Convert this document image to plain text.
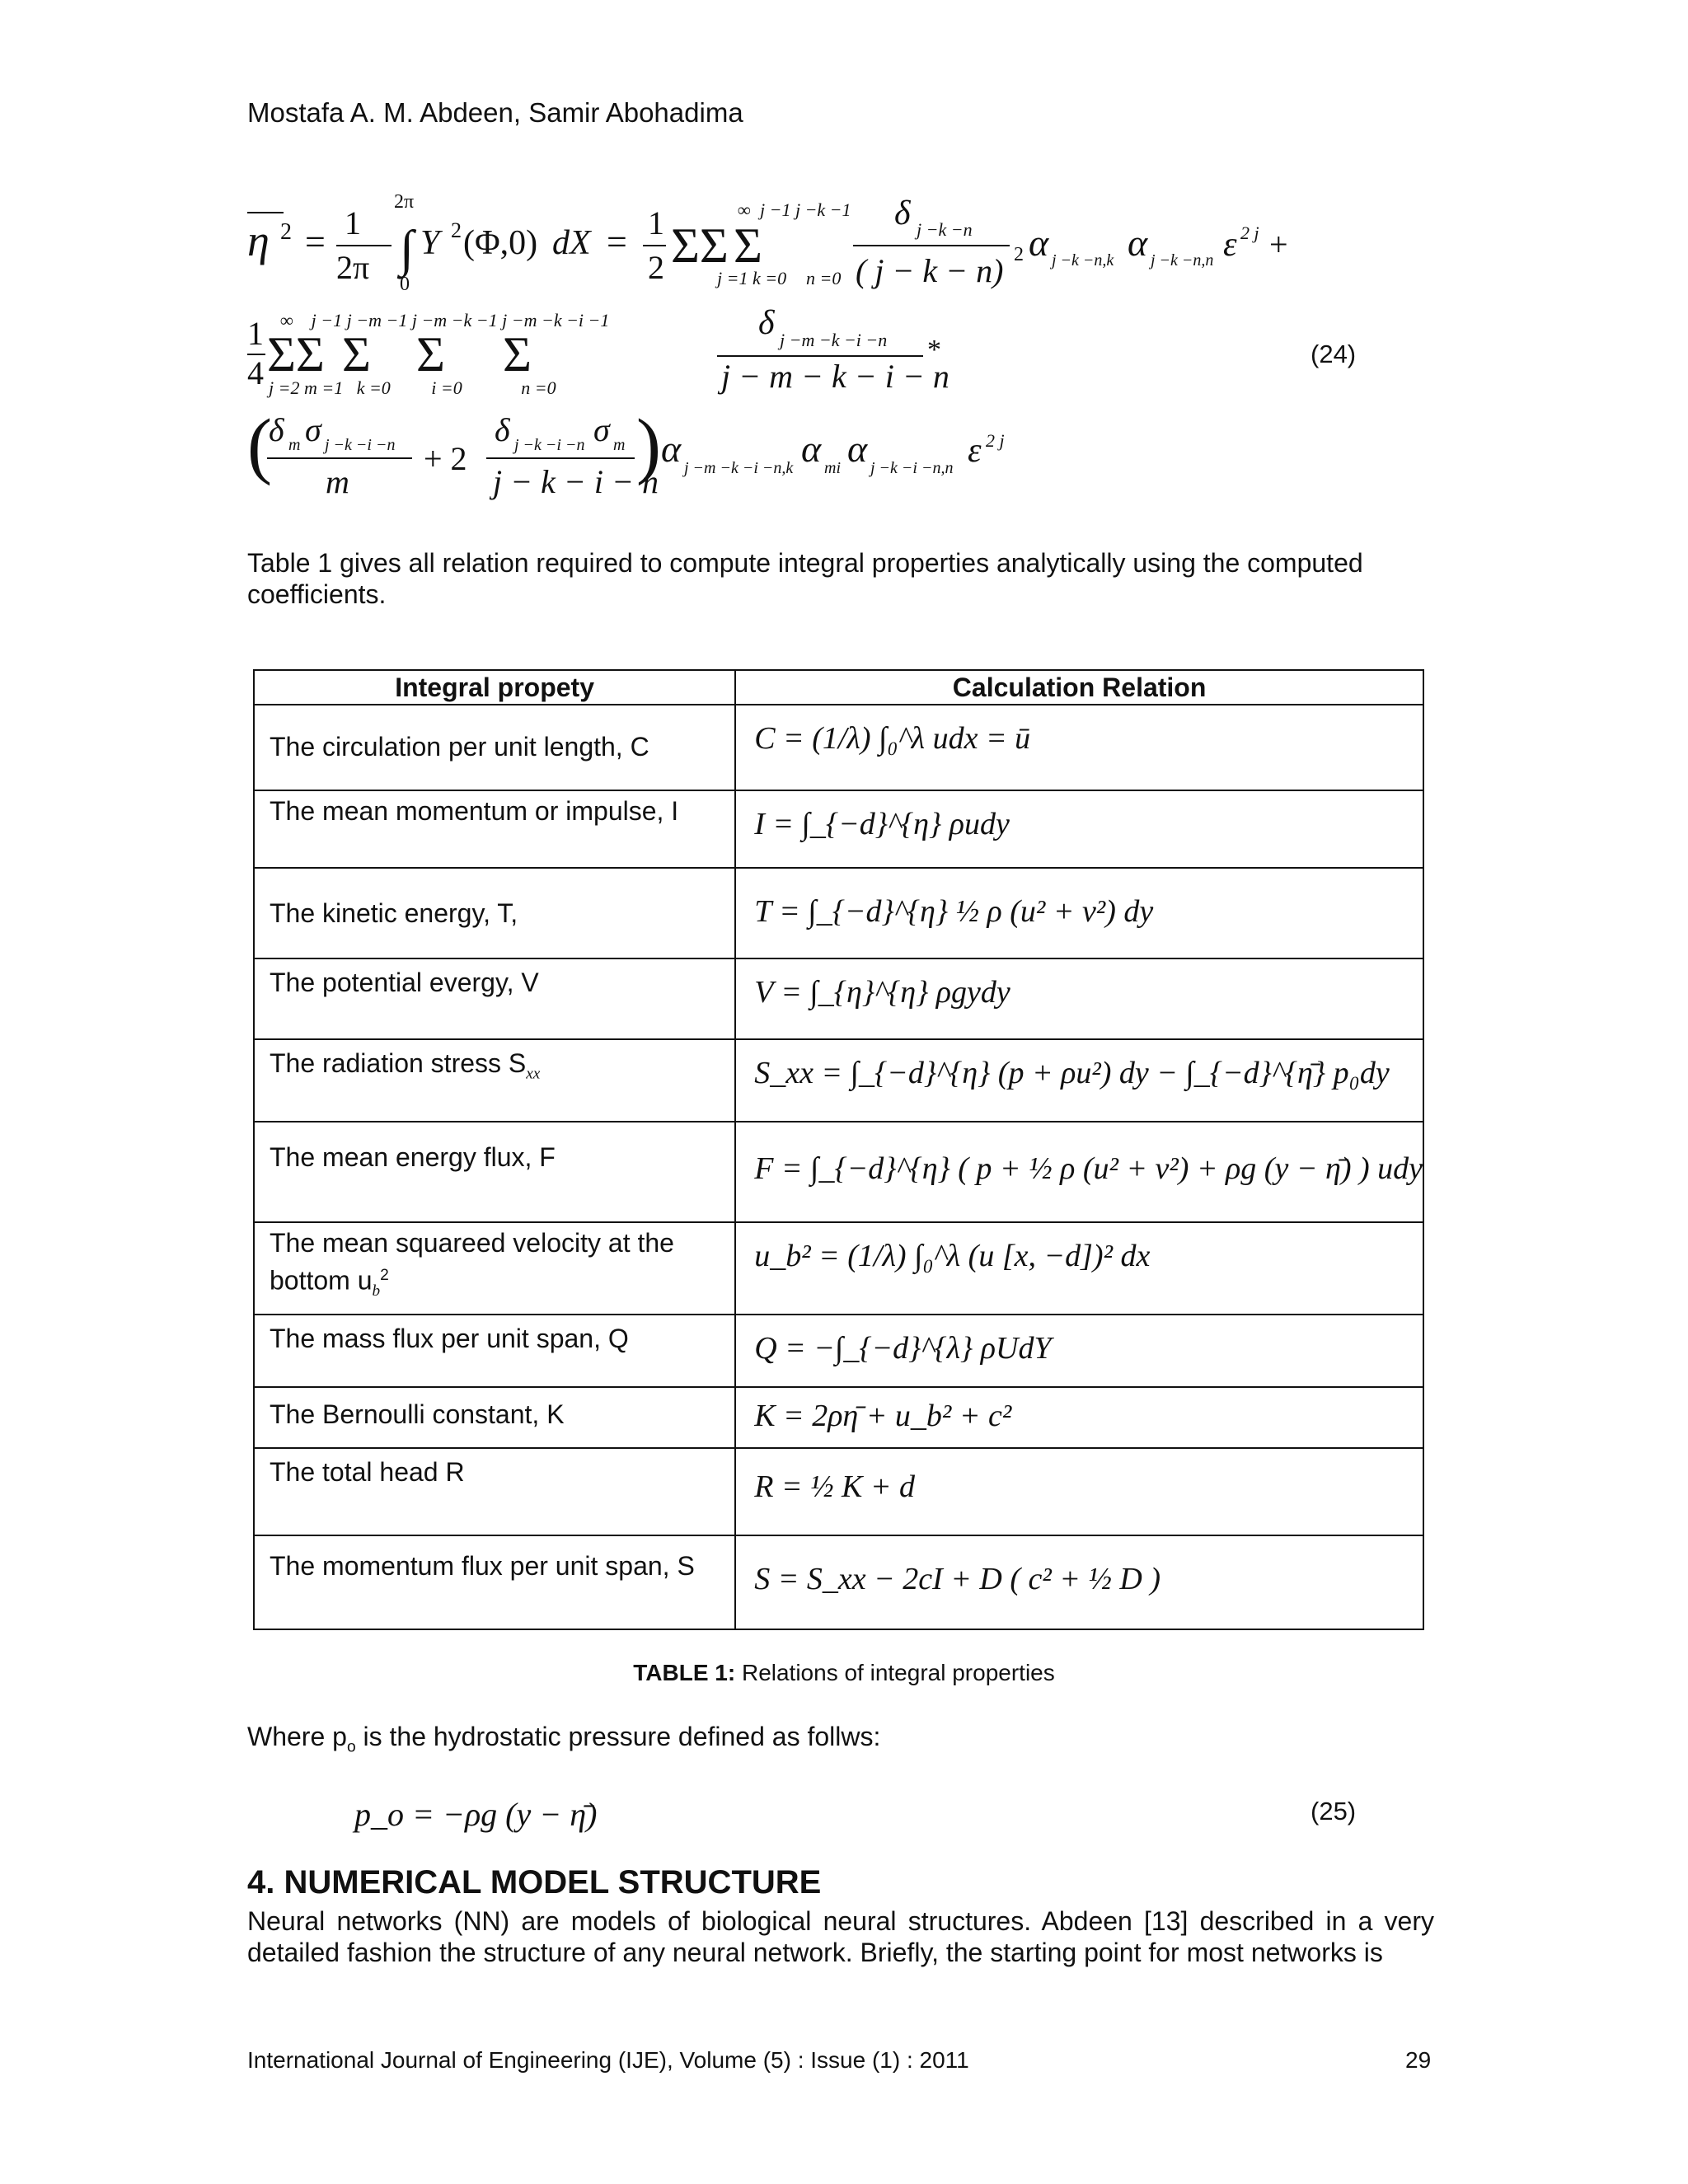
Mostafa A. M. Abdeen, Samir Abohadima
η 2 = 1
2π
2π
∫
0
Y 2 (Φ,0) dX = 1
2 ΣΣ Σ
∞ j −1 j −k −1
j =1 k =0 n =0
δ j −k −n
( j − k − n) 2 α j −k −n,k α j −k −n,n ε 2 j +
1
4 ΣΣ Σ Σ Σ
∞    j −1 j −m −1 j −m −k −1 j −m −k −i −1
j =2 m =1   k =0         i =0             n =0
δ j −m −k −i −n
j − m − k − i − n
*
(
δ m σ j −k −i −n
m
+ 2
δ j −k −i −n σ m
j − k − i − n
) α j −m −k −i −n,k α mi α j −k −i −n,n ε 2 j
(24)
Table 1 gives all relation required to compute integral properties analytically using the computed coefficients.
Integral propety	Calculation Relation
The circulation per unit length, C	C = (1/λ) ∫₀^λ udx = ū
The mean momentum or impulse, I	I = ∫_{−d}^{η} ρudy
The kinetic energy, T,	T = ∫_{−d}^{η} ½ ρ (u² + v²) dy
The potential evergy, V	V = ∫_{η}^{η} ρgydy
The radiation stress $S_{xx}$	S_xx = ∫_{−d}^{η} (p + ρu²) dy − ∫_{−d}^{η̄} p₀dy
The mean energy flux, F	F = ∫_{−d}^{η} ( p + ½ ρ (u² + v²) + ρg (y − η̄) ) udy
The mean squareed velocity at the bottom $u_b^2$	u_b² = (1/λ) ∫₀^λ (u [x, −d])² dx
The mass flux per unit span, Q	Q = −∫_{−d}^{λ} ρUdY
The Bernoulli constant, K	K = 2ρη̄ + u_b² + c²
The total head R	R = ½ K + d
The momentum flux per unit span, S	S = S_xx − 2cI + D ( c² + ½ D )
TABLE 1: Relations of integral properties
Where $p_o$ is the hydrostatic pressure defined as follws:
p_o = −ρg (y − η̄)	(25)
4. NUMERICAL MODEL STRUCTURE
Neural networks (NN) are models of biological neural structures. Abdeen [13] described in a very detailed fashion the structure of any neural network. Briefly, the starting point for most networks is
International Journal of Engineering (IJE), Volume (5) : Issue (1) : 2011	29
